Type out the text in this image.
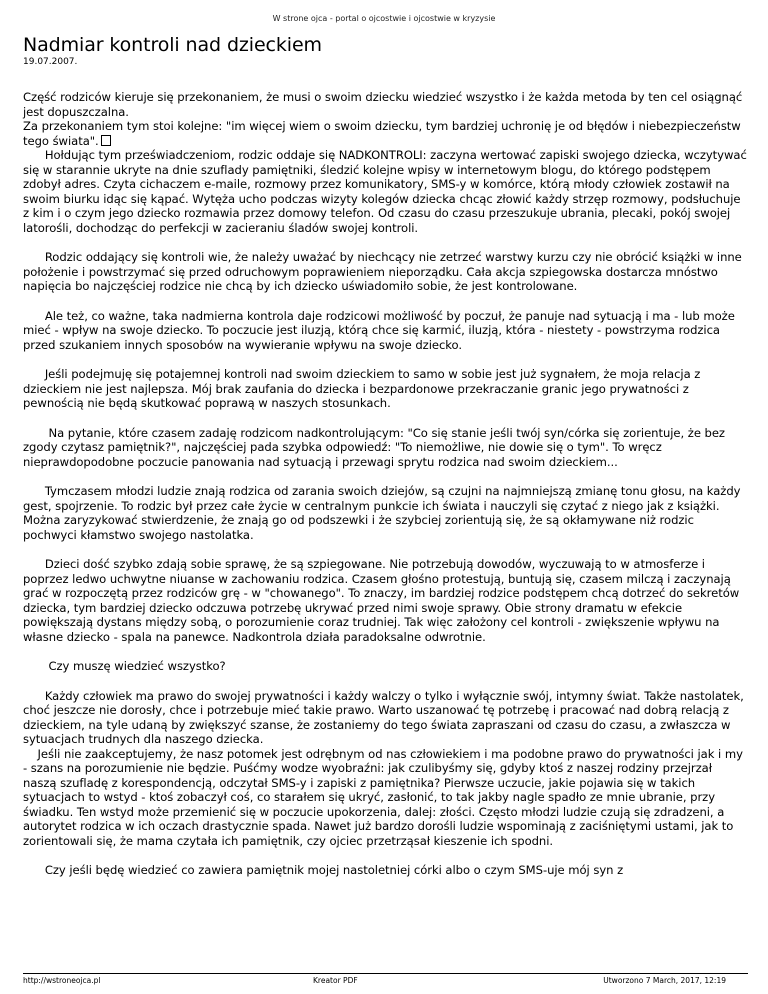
W strone ojca - portal o ojcostwie i ojcostwie w kryzysie
Nadmiar kontroli nad dzieckiem
19.07.2007.

Część rodziców kieruje się przekonaniem, że musi o swoim dziecku wiedzieć wszystko i że każda metoda by ten cel osiągnąć jest dopuszczalna.

Za przekonaniem tym stoi kolejne: "im więcej wiem o swoim dziecku, tym bardziej uchronię je od błędów i niebezpieczeństw tego świata".

Hołdując tym przeświadczeniom, rodzic oddaje się NADKONTROLI: zaczyna wertować zapiski swojego dziecka, wczytywać się w starannie ukryte na dnie szuflady pamiętniki, śledzić kolejne wpisy w internetowym blogu, do którego podstępem zdobył adres. Czyta cichaczem e-maile, rozmowy przez komunikatory, SMS-y w komórce, którą młody człowiek zostawił na swoim biurku idąc się kąpać. Wytęża ucho podczas wizyty kolegów dziecka chcąc złowić każdy strzęp rozmowy, podsłuchuje z kim i o czym jego dziecko rozmawia przez domowy telefon. Od czasu do czasu przeszukuje ubrania, plecaki, pokój swojej latorośli, dochodząc do perfekcji w zacieraniu śladów swojej kontroli.

Rodzic oddający się kontroli wie, że należy uważać by niechcący nie zetrzeć warstwy kurzu czy nie obrócić książki w inne położenie i powstrzymać się przed odruchowym poprawieniem nieporządku. Cała akcja szpiegowska dostarcza mnóstwo napięcia bo najczęściej rodzice nie chcą by ich dziecko uświadomiło sobie, że jest kontrolowane.

Ale też, co ważne, taka nadmierna kontrola daje rodzicowi możliwość by poczuł, że panuje nad sytuacją i ma - lub może mieć - wpływ na swoje dziecko. To poczucie jest iluzją, którą chce się karmić, iluzją, która - niestety - powstrzyma rodzica przed szukaniem innych sposobów na wywieranie wpływu na swoje dziecko.

Jeśli podejmuję się potajemnej kontroli nad swoim dzieckiem to samo w sobie jest już sygnałem, że moja relacja z dzieckiem nie jest najlepsza. Mój brak zaufania do dziecka i bezpardonowe przekraczanie granic jego prywatności z pewnością nie będą skutkować poprawą w naszych stosunkach.

Na pytanie, które czasem zadaję rodzicom nadkontrolującym: "Co się stanie jeśli twój syn/córka się zorientuje, że bez zgody czytasz pamiętnik?", najczęściej pada szybka odpowiedź: "To niemożliwe, nie dowie się o tym". To wręcz nieprawdopodobne poczucie panowania nad sytuacją i przewagi sprytu rodzica nad swoim dzieckiem...

Tymczasem młodzi ludzie znają rodzica od zarania swoich dziejów, są czujni na najmniejszą zmianę tonu głosu, na każdy gest, spojrzenie. To rodzic był przez całe życie w centralnym punkcie ich świata i nauczyli się czytać z niego jak z książki. Można zaryzykować stwierdzenie, że znają go od podszewki i że szybciej zorientują się, że są okłamywane niż rodzic pochwyci kłamstwo swojego nastolatka.

Dzieci dość szybko zdają sobie sprawę, że są szpiegowane. Nie potrzebują dowodów, wyczuwają to w atmosferze i poprzez ledwo uchwytne niuanse w zachowaniu rodzica. Czasem głośno protestują, buntują się, czasem milczą i zaczynają grać w rozpoczętą przez rodziców grę - w "chowanego". To znaczy, im bardziej rodzice podstępem chcą dotrzeć do sekretów dziecka, tym bardziej dziecko odczuwa potrzebę ukrywać przed nimi swoje sprawy. Obie strony dramatu w efekcie powiększają dystans między sobą, o porozumienie coraz trudniej. Tak więc założony cel kontroli - zwiększenie wpływu na własne dziecko - spala na panewce. Nadkontrola działa paradoksalne odwrotnie.

Czy muszę wiedzieć wszystko?

Każdy człowiek ma prawo do swojej prywatności i każdy walczy o tylko i wyłącznie swój, intymny świat. Także nastolatek, choć jeszcze nie dorosły, chce i potrzebuje mieć takie prawo. Warto uszanować tę potrzebę i pracować nad dobrą relacją z dzieckiem, na tyle udaną by zwiększyć szanse, że zostaniemy do tego świata zapraszani od czasu do czasu, a zwłaszcza w sytuacjach trudnych dla naszego dziecka.

Jeśli nie zaakceptujemy, że nasz potomek jest odrębnym od nas człowiekiem i ma podobne prawo do prywatności jak i my - szans na porozumienie nie będzie. Puśćmy wodze wyobraźni: jak czulibyśmy się, gdyby ktoś z naszej rodziny przejrzał naszą szufladę z korespondencją, odczytał SMS-y i zapiski z pamiętnika? Pierwsze uczucie, jakie pojawia się w takich sytuacjach to wstyd - ktoś zobaczył coś, co starałem się ukryć, zasłonić, to tak jakby nagle spadło ze mnie ubranie, przy świadku. Ten wstyd może przemienić się w poczucie upokorzenia, dalej: złości. Często młodzi ludzie czują się zdradzeni, a autorytet rodzica w ich oczach drastycznie spada. Nawet już bardzo dorośli ludzie wspominają z zaciśniętymi ustami, jak to zorientowali się, że mama czytała ich pamiętnik, czy ojciec przetrząsał kieszenie ich spodni.

Czy jeśli będę wiedzieć co zawiera pamiętnik mojej nastoletniej córki albo o czym SMS-uje mój syn z

http://wstroneojca.pl	Kreator PDF	Utworzono 7 March, 2017, 12:19
